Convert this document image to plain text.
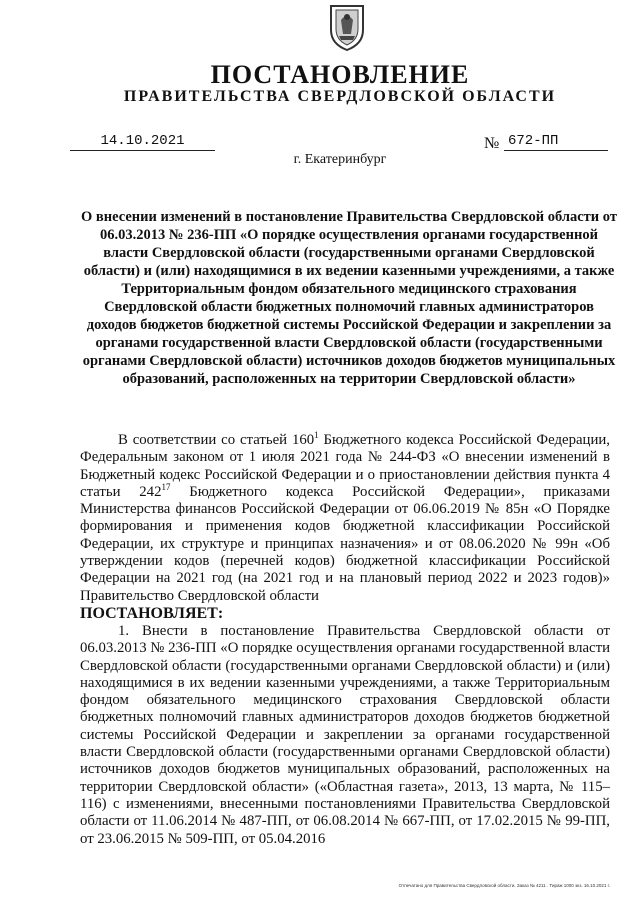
ПОСТАНОВЛЕНИЕ
ПРАВИТЕЛЬСТВА СВЕРДЛОВСКОЙ ОБЛАСТИ
14.10.2021	№ 672-ПП
г. Екатеринбург
О внесении изменений в постановление Правительства Свердловской области от 06.03.2013 № 236-ПП «О порядке осуществления органами государственной власти Свердловской области (государственными органами Свердловской области) и (или) находящимися в их ведении казенными учреждениями, а также Территориальным фондом обязательного медицинского страхования Свердловской области бюджетных полномочий главных администраторов доходов бюджетов бюджетной системы Российской Федерации и закреплении за органами государственной власти Свердловской области (государственными органами Свердловской области) источников доходов бюджетов муниципальных образований, расположенных на территории Свердловской области»

В соответствии со статьей $160^1$ Бюджетного кодекса Российской Федерации, Федеральным законом от 1 июля 2021 года № 244-ФЗ «О внесении изменений в Бюджетный кодекс Российской Федерации и о приостановлении действия пункта 4 статьи $242^{17}$ Бюджетного кодекса Российской Федерации», приказами Министерства финансов Российской Федерации от 06.06.2019 № 85н «О Порядке формирования и применения кодов бюджетной классификации Российской Федерации, их структуре и принципах назначения» и от 08.06.2020 № 99н «Об утверждении кодов (перечней кодов) бюджетной классификации Российской Федерации на 2021 год (на 2021 год и на плановый период 2022 и 2023 годов)» Правительство Свердловской области

ПОСТАНОВЛЯЕТ:

1. Внести в постановление Правительства Свердловской области от 06.03.2013 № 236-ПП «О порядке осуществления органами государственной власти Свердловской области (государственными органами Свердловской области) и (или) находящимися в их ведении казенными учреждениями, а также Территориальным фондом обязательного медицинского страхования Свердловской области бюджетных полномочий главных администраторов доходов бюджетов бюджетной системы Российской Федерации и закреплении за органами государственной власти Свердловской области (государственными органами Свердловской области) источников доходов бюджетов муниципальных образований, расположенных на территории Свердловской области» («Областная газета», 2013, 13 марта, № 115–116) с изменениями, внесенными постановлениями Правительства Свердловской области от 11.06.2014 № 487-ПП, от 06.08.2014 № 667-ПП, от 17.02.2015 № 99-ПП, от 23.06.2015 № 509-ПП, от 05.04.2016

Отпечатано для Правительства Свердловской области. Заказ № 4211 . Тираж 1000 экз. 16.10.2021 г.
